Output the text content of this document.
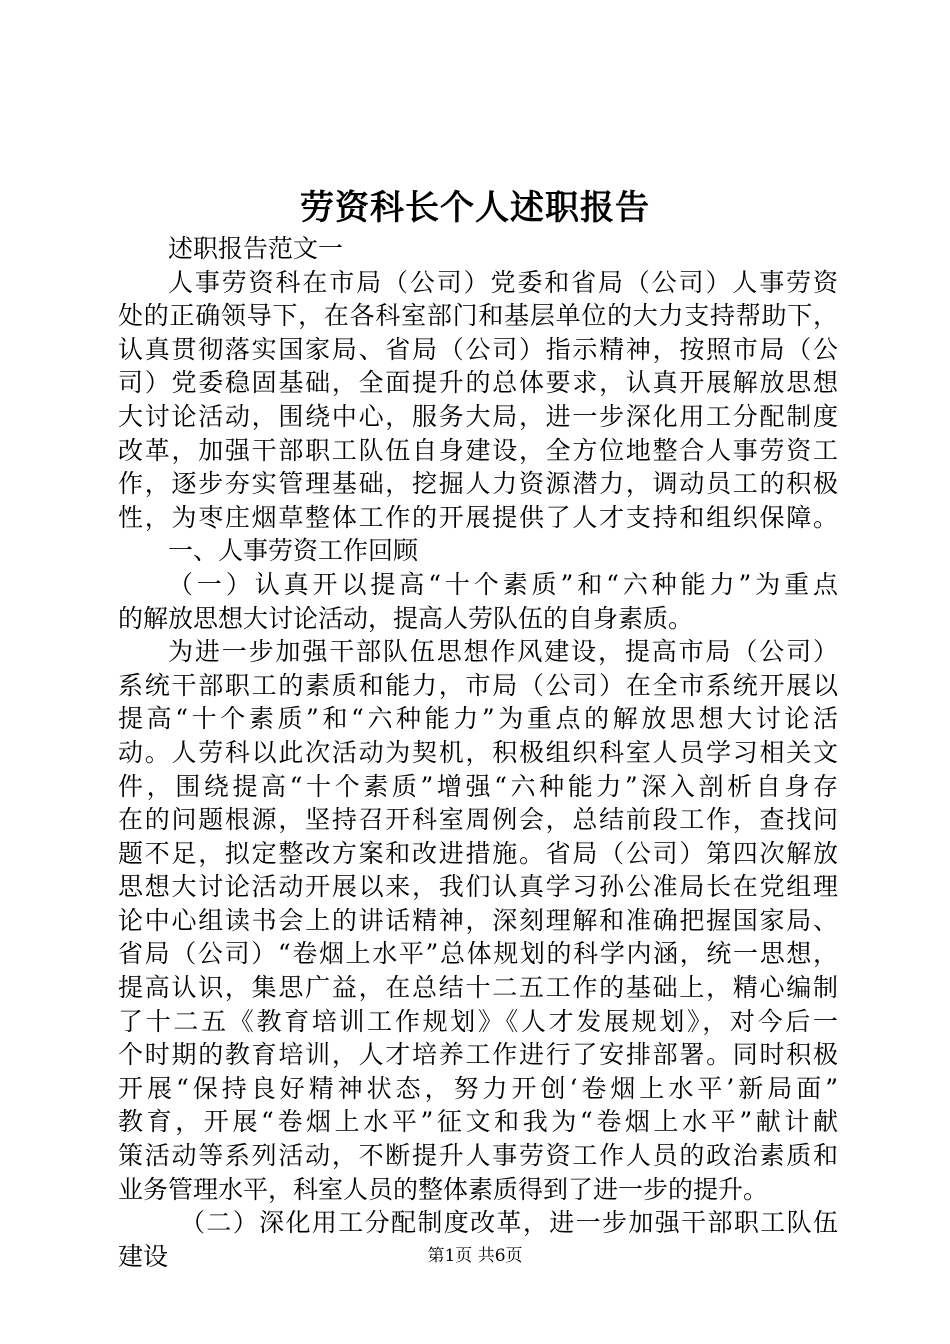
劳资科长个人述职报告
述职报告范文一
人事劳资科在市局（公司）党委和省局（公司）人事劳资
处的正确领导下，在各科室部门和基层单位的大力支持帮助下，
认真贯彻落实国家局、省局（公司）指示精神，按照市局（公
司）党委稳固基础，全面提升的总体要求，认真开展解放思想
大讨论活动，围绕中心，服务大局，进一步深化用工分配制度
改革，加强干部职工队伍自身建设，全方位地整合人事劳资工
作，逐步夯实管理基础，挖掘人力资源潜力，调动员工的积极
性，为枣庄烟草整体工作的开展提供了人才支持和组织保障。
一、人事劳资工作回顾
（一）认真开以提高“十个素质”和“六种能力”为重点
的解放思想大讨论活动，提高人劳队伍的自身素质。
为进一步加强干部队伍思想作风建设，提高市局（公司）
系统干部职工的素质和能力，市局（公司）在全市系统开展以
提高“十个素质”和“六种能力”为重点的解放思想大讨论活
动。人劳科以此次活动为契机，积极组织科室人员学习相关文
件，围绕提高“十个素质”增强“六种能力”深入剖析自身存
在的问题根源，坚持召开科室周例会，总结前段工作，查找问
题不足，拟定整改方案和改进措施。省局（公司）第四次解放
思想大讨论活动开展以来，我们认真学习孙公准局长在党组理
论中心组读书会上的讲话精神，深刻理解和准确把握国家局、
省局（公司）“卷烟上水平”总体规划的科学内涵，统一思想，
提高认识，集思广益，在总结十二五工作的基础上，精心编制
了十二五《教育培训工作规划》《人才发展规划》，对今后一
个时期的教育培训，人才培养工作进行了安排部署。同时积极
开展“保持良好精神状态，努力开创‘卷烟上水平’新局面”
教育，开展“卷烟上水平”征文和我为“卷烟上水平”献计献
策活动等系列活动，不断提升人事劳资工作人员的政治素质和
业务管理水平，科室人员的整体素质得到了进一步的提升。
（二）深化用工分配制度改革，进一步加强干部职工队伍
建设	第1页 共6页
